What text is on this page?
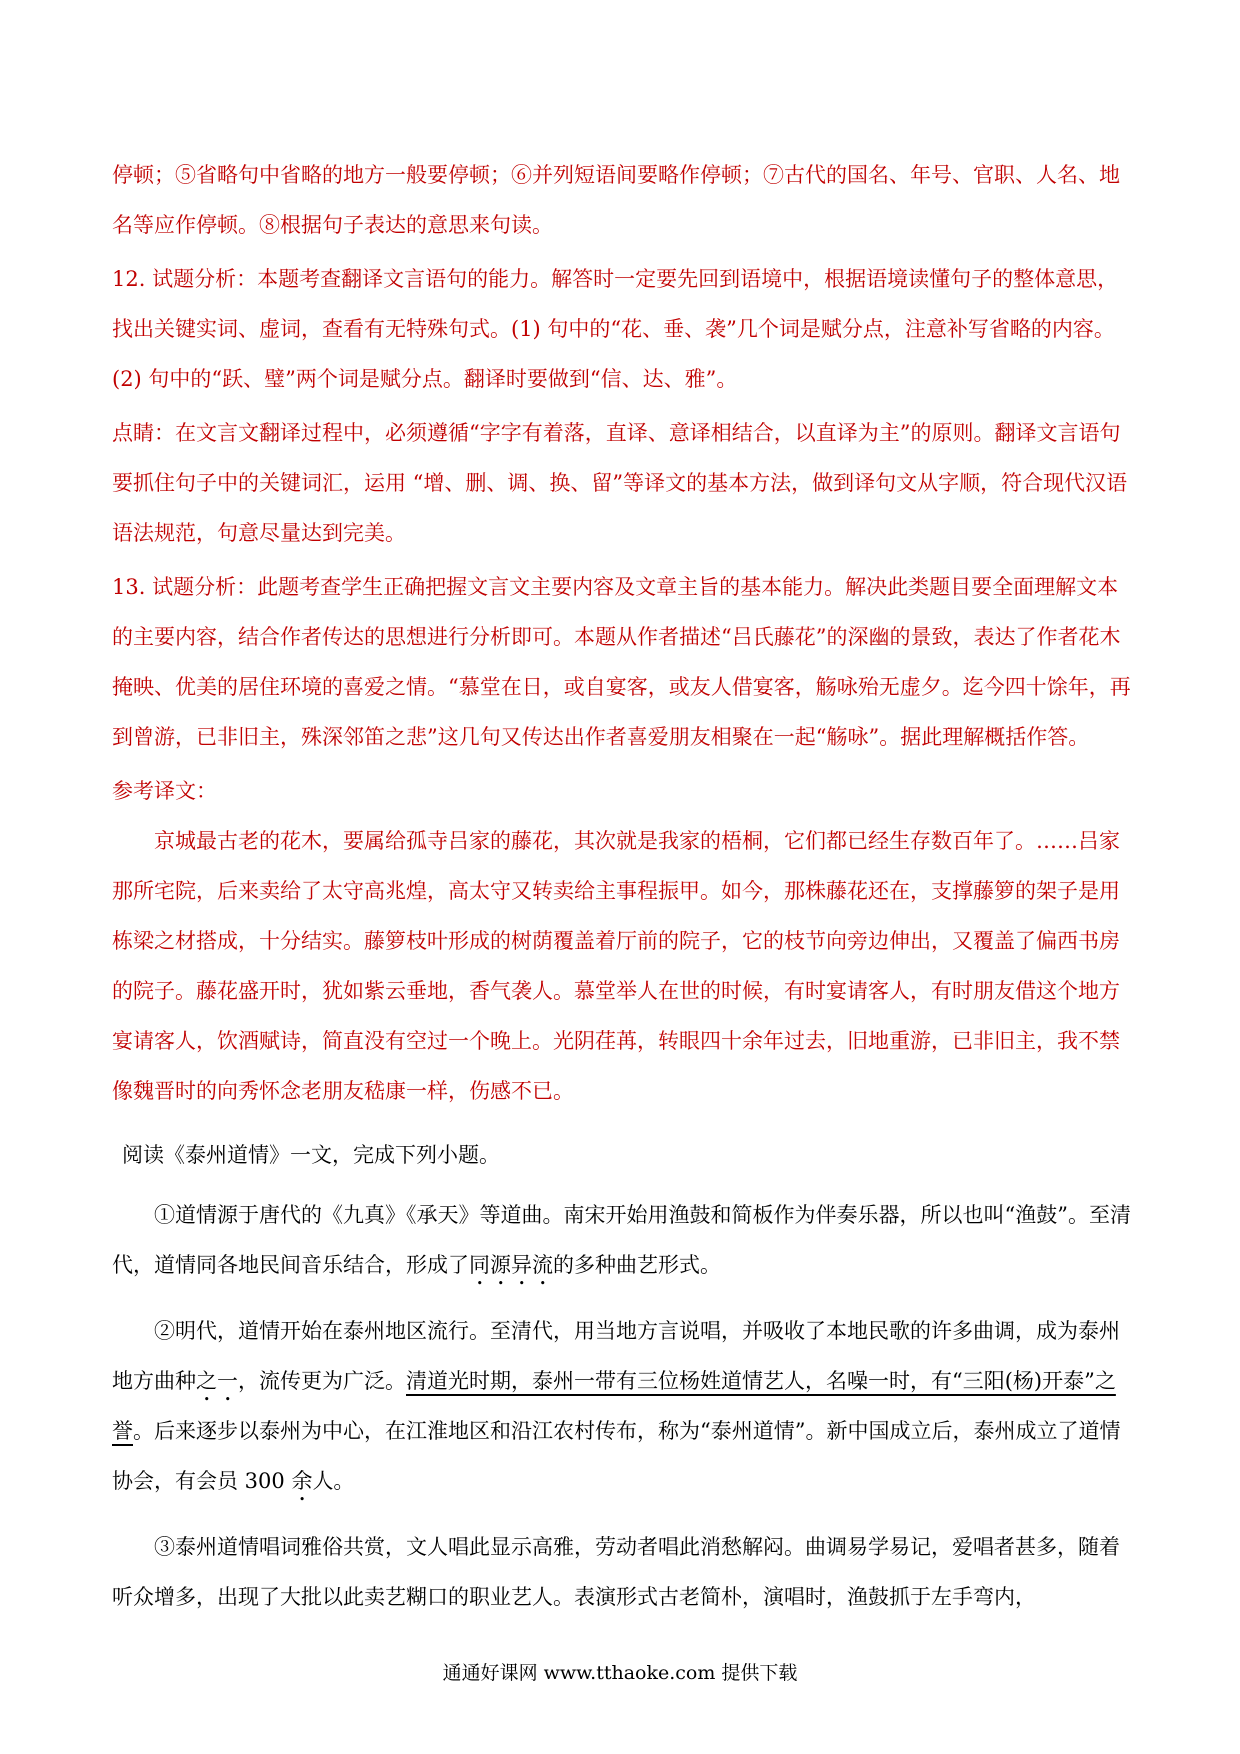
停顿；⑤省略句中省略的地方一般要停顿；⑥并列短语间要略作停顿；⑦古代的国名、年号、官职、人名、地名等应作停顿。⑧根据句子表达的意思来句读。

12. 试题分析：本题考查翻译文言语句的能力。解答时一定要先回到语境中，根据语境读懂句子的整体意思，找出关键实词、虚词，查看有无特殊句式。(1) 句中的“花、垂、袭”几个词是赋分点，注意补写省略的内容。(2) 句中的“跃、璧”两个词是赋分点。翻译时要做到“信、达、雅”。

点睛：在文言文翻译过程中，必须遵循“字字有着落，直译、意译相结合，以直译为主”的原则。翻译文言语句要抓住句子中的关键词汇，运用 “增、删、调、换、留”等译文的基本方法，做到译句文从字顺，符合现代汉语语法规范，句意尽量达到完美。

13. 试题分析：此题考查学生正确把握文言文主要内容及文章主旨的基本能力。解决此类题目要全面理解文本的主要内容，结合作者传达的思想进行分析即可。本题从作者描述“吕氏藤花”的深幽的景致，表达了作者花木掩映、优美的居住环境的喜爱之情。“慕堂在日，或自宴客，或友人借宴客，觞咏殆无虚夕。迄今四十馀年，再到曾游，已非旧主，殊深邻笛之悲”这几句又传达出作者喜爱朋友相聚在一起“觞咏”。据此理解概括作答。

参考译文：

京城最古老的花木，要属给孤寺吕家的藤花，其次就是我家的梧桐，它们都已经生存数百年了。……吕家那所宅院，后来卖给了太守高兆煌，高太守又转卖给主事程振甲。如今，那株藤花还在，支撑藤箩的架子是用栋梁之材搭成，十分结实。藤箩枝叶形成的树荫覆盖着厅前的院子，它的枝节向旁边伸出，又覆盖了偏西书房的院子。藤花盛开时，犹如紫云垂地，香气袭人。慕堂举人在世的时候，有时宴请客人，有时朋友借这个地方宴请客人，饮酒赋诗，简直没有空过一个晚上。光阴荏苒，转眼四十余年过去，旧地重游，已非旧主，我不禁像魏晋时的向秀怀念老朋友嵇康一样，伤感不已。

阅读《泰州道情》一文，完成下列小题。

①道情源于唐代的《九真》《承天》等道曲。南宋开始用渔鼓和简板作为伴奏乐器，所以也叫“渔鼓”。至清代，道情同各地民间音乐结合，形成了同源异流的多种曲艺形式。

②明代，道情开始在泰州地区流行。至清代，用当地方言说唱，并吸收了本地民歌的许多曲调，成为泰州地方曲种之一，流传更为广泛。清道光时期，泰州一带有三位杨姓道情艺人，名噪一时，有“三阳(杨)开泰”之誉。后来逐步以泰州为中心，在江淮地区和沿江农村传布，称为“泰州道情”。新中国成立后，泰州成立了道情协会，有会员 300 余人。

③泰州道情唱词雅俗共赏，文人唱此显示高雅，劳动者唱此消愁解闷。曲调易学易记，爱唱者甚多，随着听众增多，出现了大批以此卖艺糊口的职业艺人。表演形式古老简朴，演唱时，渔鼓抓于左手弯内，

通通好课网 www.tthaoke.com 提供下载
